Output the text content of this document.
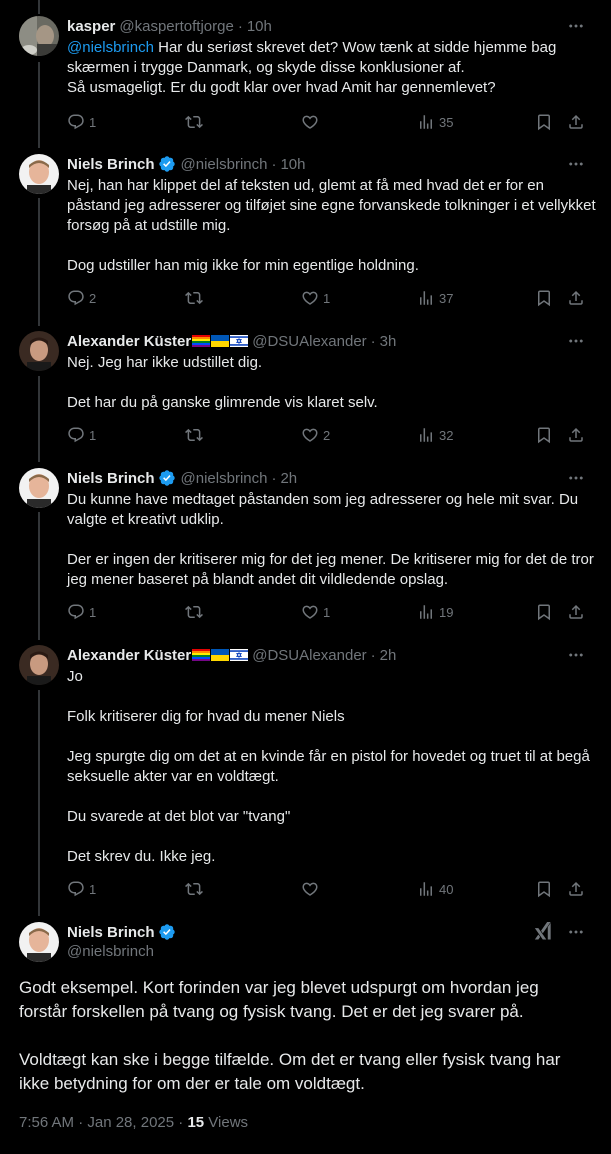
kasper @kaspertoftjorge · 10h
@nielsbrinch Har du seriøst skrevet det? Wow tænk at sidde hjemme bag skærmen i trygge Danmark, og skyde disse konklusioner af.
Så usmageligt. Er du godt klar over hvad Amit har gennemlevet?
1	35
Niels Brinch @nielsbrinch · 10h

Nej, han har klippet del af teksten ud, glemt at få med hvad det er for en påstand jeg adresserer og tilføjet sine egne forvanskede tolkninger i et vellykket forsøg på at udstille mig.

Dog udstiller han mig ikke for min egentlige holdning.

2	1	37
Alexander Küster	@DSUAlexander · 3h

Nej. Jeg har ikke udstillet dig.

Det har du på ganske glimrende vis klaret selv.

1	2	32
Niels Brinch @nielsbrinch · 2h

Du kunne have medtaget påstanden som jeg adresserer og hele mit svar. Du valgte et kreativt udklip.

Der er ingen der kritiserer mig for det jeg mener. De kritiserer mig for det de tror jeg mener baseret på blandt andet dit vildledende opslag.

1	1	19
Alexander Küster	@DSUAlexander · 2h

Jo

Folk kritiserer dig for hvad du mener Niels

Jeg spurgte dig om det at en kvinde får en pistol for hovedet og truet til at begå seksuelle akter var en voldtægt.

Du svarede at det blot var "tvang"

Det skrev du. Ikke jeg.

1	40
Niels Brinch
@nielsbrinch

Godt eksempel. Kort forinden var jeg blevet udspurgt om hvordan jeg forstår forskellen på tvang og fysisk tvang. Det er det jeg svarer på.

Voldtægt kan ske i begge tilfælde. Om det er tvang eller fysisk tvang har ikke betydning for om der er tale om voldtægt.

7:56 AM · Jan 28, 2025 · 15 Views
